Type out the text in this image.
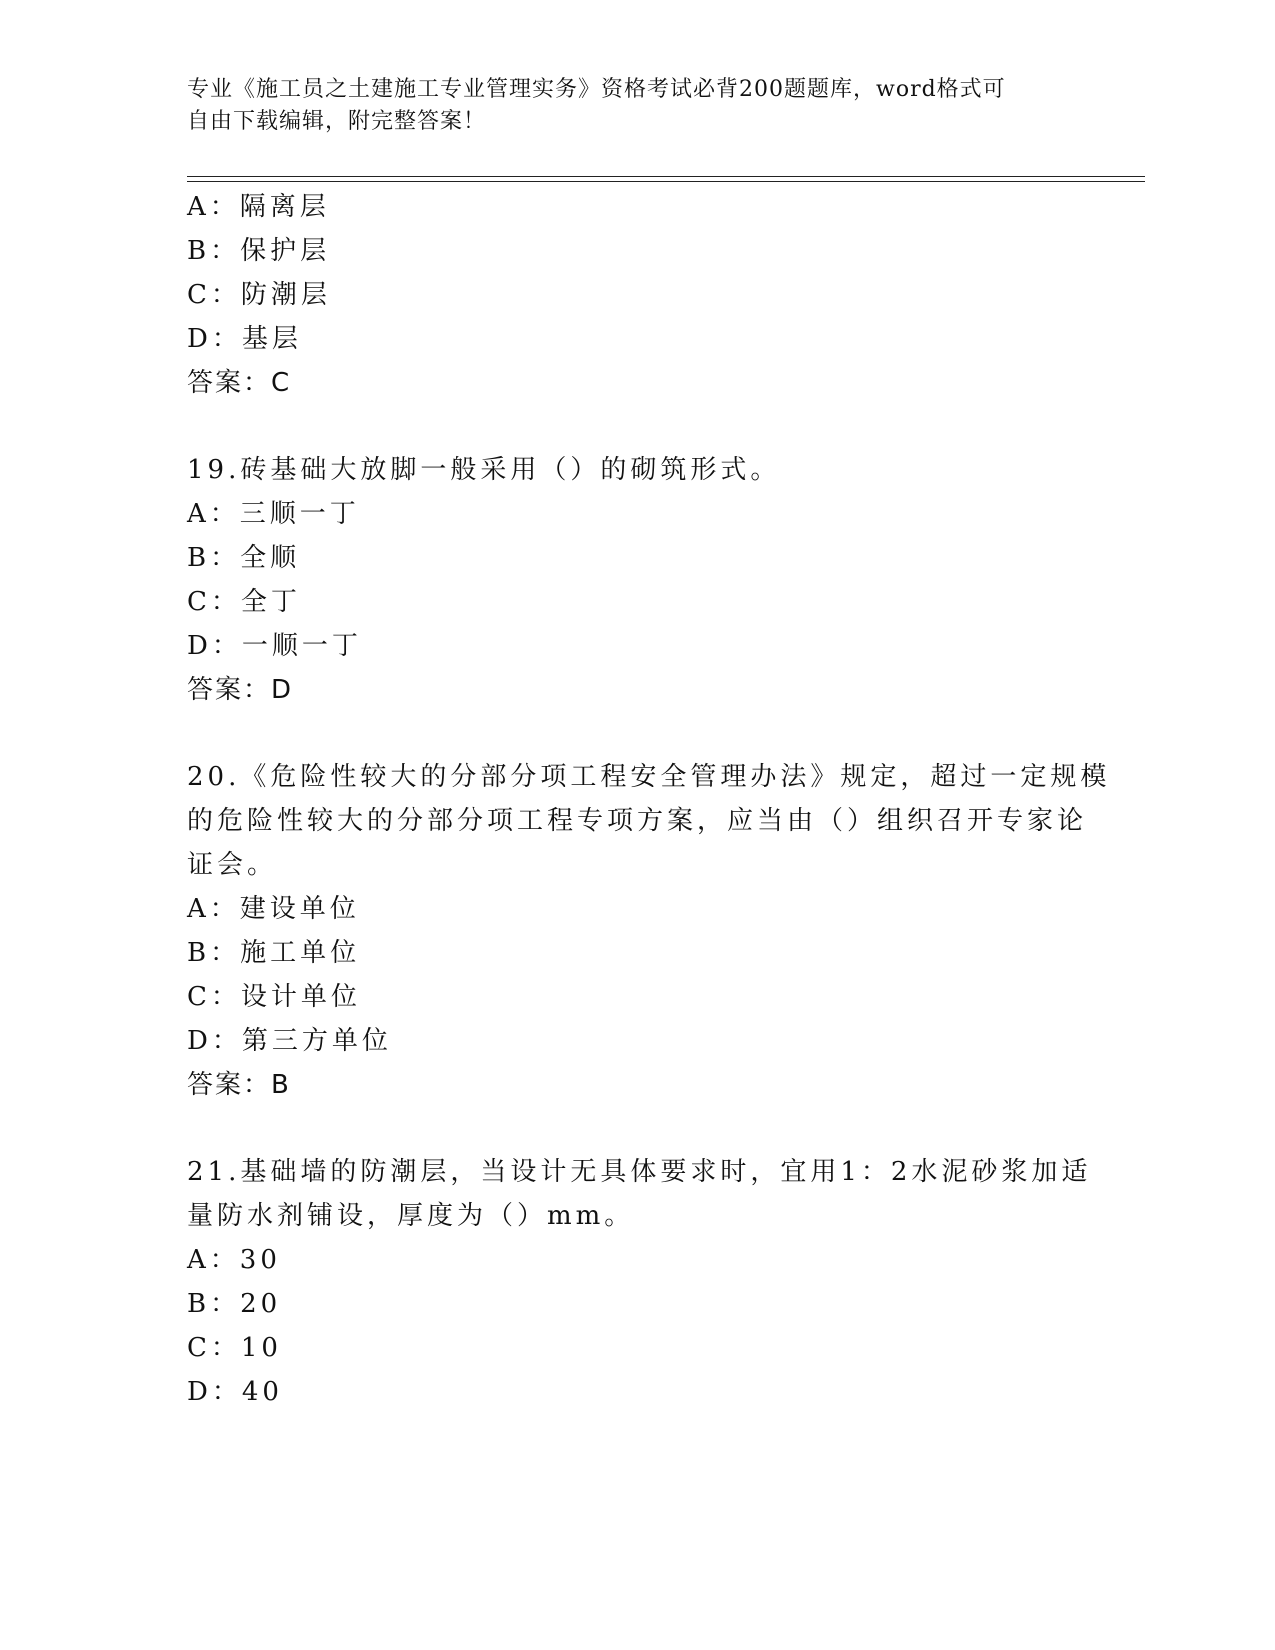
专业《施工员之土建施工专业管理实务》资格考试必背200题题库，word格式可
自由下载编辑，附完整答案！
A：隔离层
B：保护层
C：防潮层
D：基层
答案：C
19.砖基础大放脚一般采用（）的砌筑形式。
A：三顺一丁
B：全顺
C：全丁
D：一顺一丁
答案：D
20.《危险性较大的分部分项工程安全管理办法》规定，超过一定规模
的危险性较大的分部分项工程专项方案，应当由（）组织召开专家论
证会。
A：建设单位
B：施工单位
C：设计单位
D：第三方单位
答案：B
21.基础墙的防潮层，当设计无具体要求时，宜用1：2水泥砂浆加适
量防水剂铺设，厚度为（）mm。
A：30
B：20
C：10
D：40
